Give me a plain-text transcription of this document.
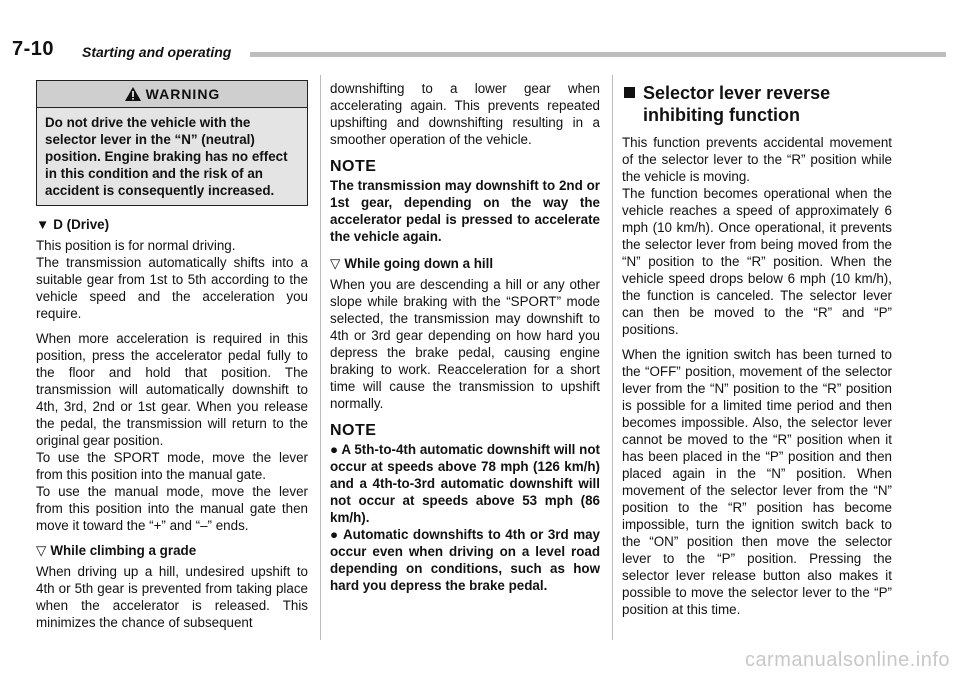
7-10 Starting and operating
WARNING
Do not drive the vehicle with the selector lever in the “N” (neutral) position. Engine braking has no effect in this condition and the risk of an accident is consequently increased.
▼ D (Drive)

This position is for normal driving.

The transmission automatically shifts into a suitable gear from 1st to 5th according to the vehicle speed and the acceleration you require.

When more acceleration is required in this position, press the accelerator pedal fully to the floor and hold that position. The transmission will automatically downshift to 4th, 3rd, 2nd or 1st gear. When you release the pedal, the transmission will return to the original gear position.

To use the SPORT mode, move the lever from this position into the manual gate.

To use the manual mode, move the lever from this position into the manual gate then move it toward the “+” and “–” ends.

▽ While climbing a grade

When driving up a hill, undesired upshift to 4th or 5th gear is prevented from taking place when the accelerator is released. This minimizes the chance of subsequent

downshifting to a lower gear when accelerating again. This prevents repeated upshifting and downshifting resulting in a smoother operation of the vehicle.

NOTE

The transmission may downshift to 2nd or 1st gear, depending on the way the accelerator pedal is pressed to accelerate the vehicle again.

▽ While going down a hill

When you are descending a hill or any other slope while braking with the “SPORT” mode selected, the transmission may downshift to 4th or 3rd gear depending on how hard you depress the brake pedal, causing engine braking to work. Reacceleration for a short time will cause the transmission to upshift normally.

NOTE

● A 5th-to-4th automatic downshift will not occur at speeds above 78 mph (126 km/h) and a 4th-to-3rd automatic downshift will not occur at speeds above 53 mph (86 km/h).

● Automatic downshifts to 4th or 3rd may occur even when driving on a level road depending on conditions, such as how hard you depress the brake pedal.

Selector lever reverse inhibiting function

This function prevents accidental movement of the selector lever to the “R” position while the vehicle is moving.

The function becomes operational when the vehicle reaches a speed of approximately 6 mph (10 km/h). Once operational, it prevents the selector lever from being moved from the “N” position to the “R” position. When the vehicle speed drops below 6 mph (10 km/h), the function is canceled. The selector lever can then be moved to the “R” and “P” positions.

When the ignition switch has been turned to the “OFF” position, movement of the selector lever from the “N” position to the “R” position is possible for a limited time period and then becomes impossible. Also, the selector lever cannot be moved to the “R” position when it has been placed in the “P” position and then placed again in the “N” position. When movement of the selector lever from the “N” position to the “R” position has become impossible, turn the ignition switch back to the “ON” position then move the selector lever to the “P” position. Pressing the selector lever release button also makes it possible to move the selector lever to the “P” position at this time.

carmanualsonline.info
